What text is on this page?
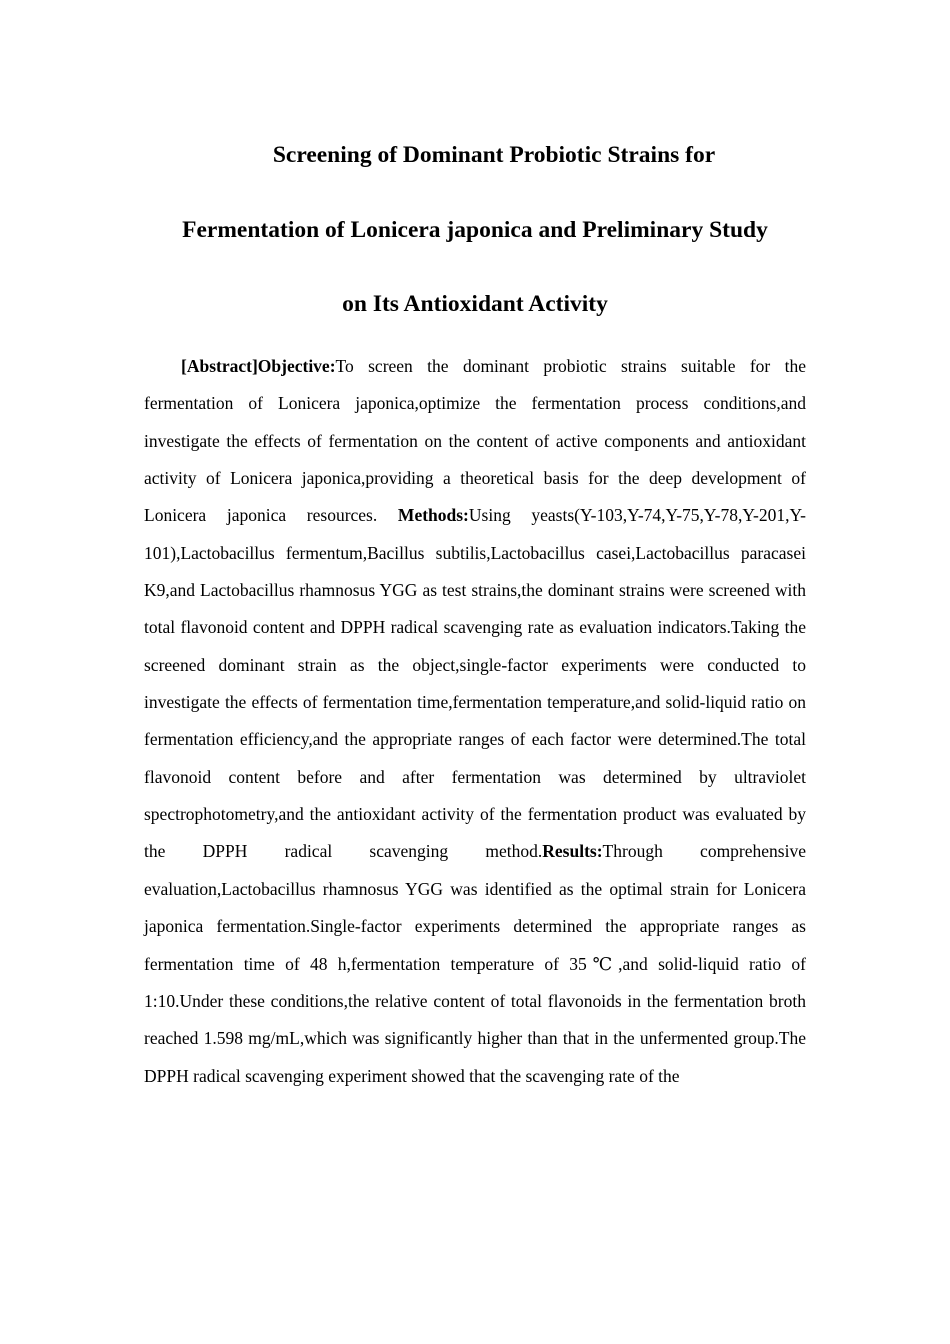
Screening of Dominant Probiotic Strains for
Fermentation of Lonicera japonica and Preliminary Study
on Its Antioxidant Activity

[Abstract]Objective:To screen the dominant probiotic strains suitable for the fermentation of Lonicera japonica,optimize the fermentation process conditions,and investigate the effects of fermentation on the content of active components and antioxidant activity of Lonicera japonica,providing a theoretical basis for the deep development of Lonicera japonica resources. Methods:Using yeasts(Y-103,Y-74,Y-75,Y-78,Y-201,Y-101),Lactobacillus fermentum,Bacillus subtilis,Lactobacillus casei,Lactobacillus paracasei K9,and Lactobacillus rhamnosus YGG as test strains,the dominant strains were screened with total flavonoid content and DPPH radical scavenging rate as evaluation indicators.Taking the screened dominant strain as the object,single-factor experiments were conducted to investigate the effects of fermentation time,fermentation temperature,and solid-liquid ratio on fermentation efficiency,and the appropriate ranges of each factor were determined.The total flavonoid content before and after fermentation was determined by ultraviolet spectrophotometry,and the antioxidant activity of the fermentation product was evaluated by the DPPH radical scavenging method.Results:Through comprehensive evaluation,Lactobacillus rhamnosus YGG was identified as the optimal strain for Lonicera japonica fermentation.Single-factor experiments determined the appropriate ranges as fermentation time of 48 h,fermentation temperature of 35℃,and solid-liquid ratio of 1:10.Under these conditions,the relative content of total flavonoids in the fermentation broth reached 1.598 mg/mL,which was significantly higher than that in the unfermented group.The DPPH radical scavenging experiment showed that the scavenging rate of the
